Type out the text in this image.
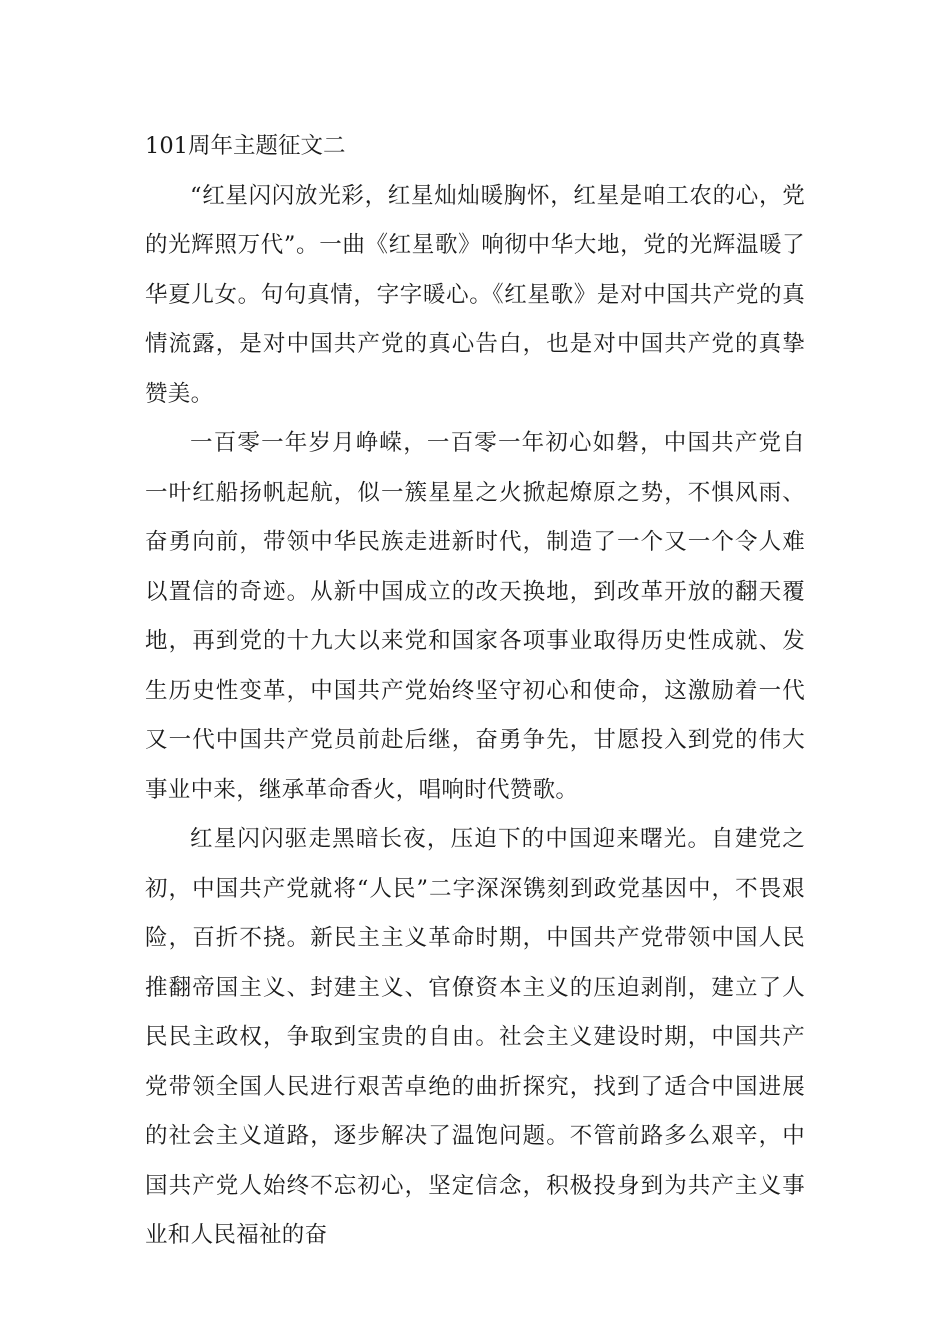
101周年主题征文二

“红星闪闪放光彩，红星灿灿暖胸怀，红星是咱工农的心，党的光辉照万代”。一曲《红星歌》响彻中华大地，党的光辉温暖了华夏儿女。句句真情，字字暖心。《红星歌》是对中国共产党的真情流露，是对中国共产党的真心告白，也是对中国共产党的真挚赞美。

一百零一年岁月峥嵘，一百零一年初心如磐，中国共产党自一叶红船扬帆起航，似一簇星星之火掀起燎原之势，不惧风雨、奋勇向前，带领中华民族走进新时代，制造了一个又一个令人难以置信的奇迹。从新中国成立的改天换地，到改革开放的翻天覆地，再到党的十九大以来党和国家各项事业取得历史性成就、发生历史性变革，中国共产党始终坚守初心和使命，这激励着一代又一代中国共产党员前赴后继，奋勇争先，甘愿投入到党的伟大事业中来，继承革命香火，唱响时代赞歌。

红星闪闪驱走黑暗长夜，压迫下的中国迎来曙光。自建党之初，中国共产党就将“人民”二字深深镌刻到政党基因中，不畏艰险，百折不挠。新民主主义革命时期，中国共产党带领中国人民推翻帝国主义、封建主义、官僚资本主义的压迫剥削，建立了人民民主政权，争取到宝贵的自由。社会主义建设时期，中国共产党带领全国人民进行艰苦卓绝的曲折探究，找到了适合中国进展的社会主义道路，逐步解决了温饱问题。不管前路多么艰辛，中国共产党人始终不忘初心，坚定信念，积极投身到为共产主义事业和人民福祉的奋
